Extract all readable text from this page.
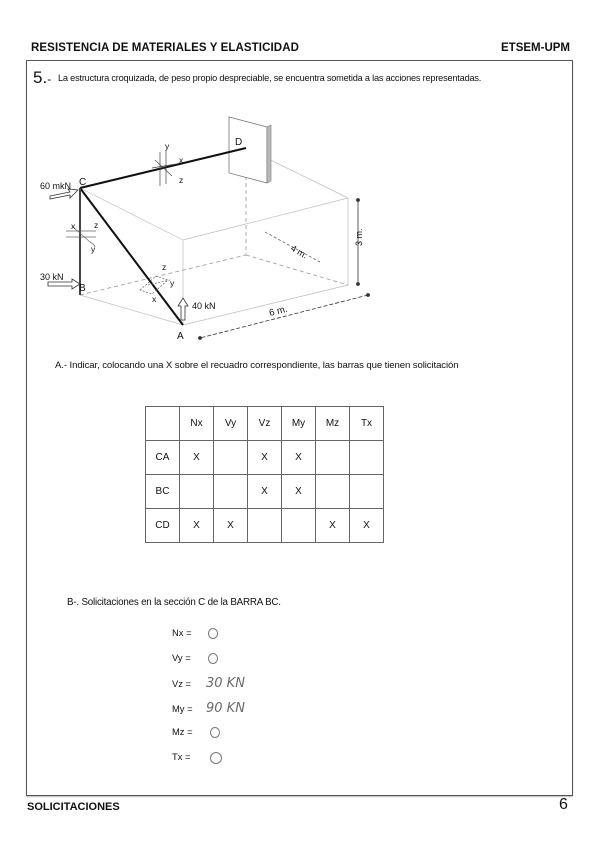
RESISTENCIA DE MATERIALES Y ELASTICIDAD	ETSEM-UPM
5.- La estructura croquizada, de peso propio despreciable, se encuentra sometida a las acciones representadas.
C
D
B
A
60 mkN
30 kN
40 kN	6 m.
4 m.
3 m.
y
x
z
x z
y
z
y
x
A.- Indicar, colocando una X sobre el recuadro correspondiente, las barras que tienen solicitación
	Nx	Vy	Vz	My	Mz	Tx
CA	X		X	X		
BC			X	X		
CD	X	X			X	X
B-. Solicitaciones en la sección C de la BARRA BC.
Nx =
Vy =
Vz = 30 KN
My = 90 KN
Mz =
Tx =
SOLICITACIONES	6
